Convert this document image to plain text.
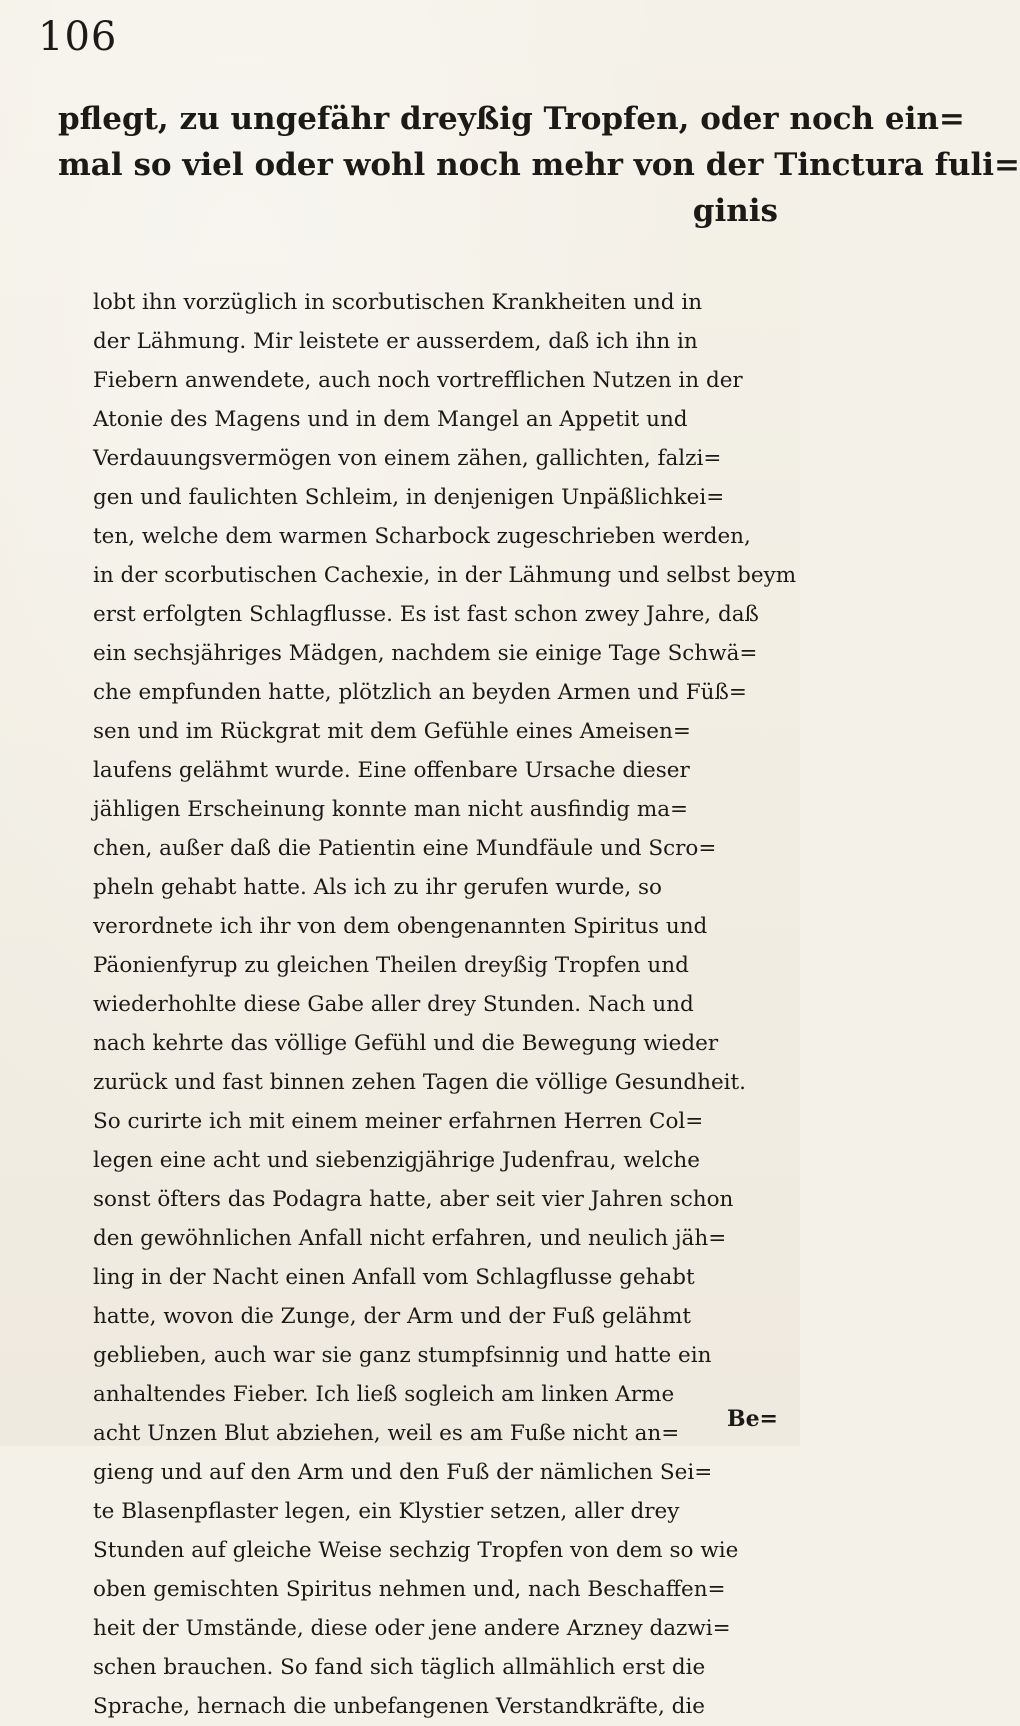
106
pflegt, zu ungefähr dreyßig Tropfen, oder noch ein=
mal so viel oder wohl noch mehr von der Tinctura fuli=
ginis
lobt ihn vorzüglich in scorbutischen Krankheiten und in
der Lähmung. Mir leistete er ausserdem, daß ich ihn in
Fiebern anwendete, auch noch vortrefflichen Nutzen in der
Atonie des Magens und in dem Mangel an Appetit und
Verdauungsvermögen von einem zähen, gallichten, falzi=
gen und faulichten Schleim, in denjenigen Unpäßlichkei=
ten, welche dem warmen Scharbock zugeschrieben werden,
in der scorbutischen Cachexie, in der Lähmung und selbst beym
erst erfolgten Schlagflusse. Es ist fast schon zwey Jahre, daß
ein sechsjähriges Mädgen, nachdem sie einige Tage Schwä=
che empfunden hatte, plötzlich an beyden Armen und Füß=
sen und im Rückgrat mit dem Gefühle eines Ameisen=
laufens gelähmt wurde. Eine offenbare Ursache dieser
jähligen Erscheinung konnte man nicht ausfindig ma=
chen, außer daß die Patientin eine Mundfäule und Scro=
pheln gehabt hatte. Als ich zu ihr gerufen wurde, so
verordnete ich ihr von dem obengenannten Spiritus und
Päonienfyrup zu gleichen Theilen dreyßig Tropfen und
wiederhohlte diese Gabe aller drey Stunden. Nach und
nach kehrte das völlige Gefühl und die Bewegung wieder
zurück und fast binnen zehen Tagen die völlige Gesundheit.
So curirte ich mit einem meiner erfahrnen Herren Col=
legen eine acht und siebenzigjährige Judenfrau, welche
sonst öfters das Podagra hatte, aber seit vier Jahren schon
den gewöhnlichen Anfall nicht erfahren, und neulich jäh=
ling in der Nacht einen Anfall vom Schlagflusse gehabt
hatte, wovon die Zunge, der Arm und der Fuß gelähmt
geblieben, auch war sie ganz stumpfsinnig und hatte ein
anhaltendes Fieber. Ich ließ sogleich am linken Arme
acht Unzen Blut abziehen, weil es am Fuße nicht an=
gieng und auf den Arm und den Fuß der nämlichen Sei=
te Blasenpflaster legen, ein Klystier setzen, aller drey
Stunden auf gleiche Weise sechzig Tropfen von dem so wie
oben gemischten Spiritus nehmen und, nach Beschaffen=
heit der Umstände, diese oder jene andere Arzney dazwi=
schen brauchen. So fand sich täglich allmählich erst die
Sprache, hernach die unbefangenen Verstandkräfte, die
Be=
